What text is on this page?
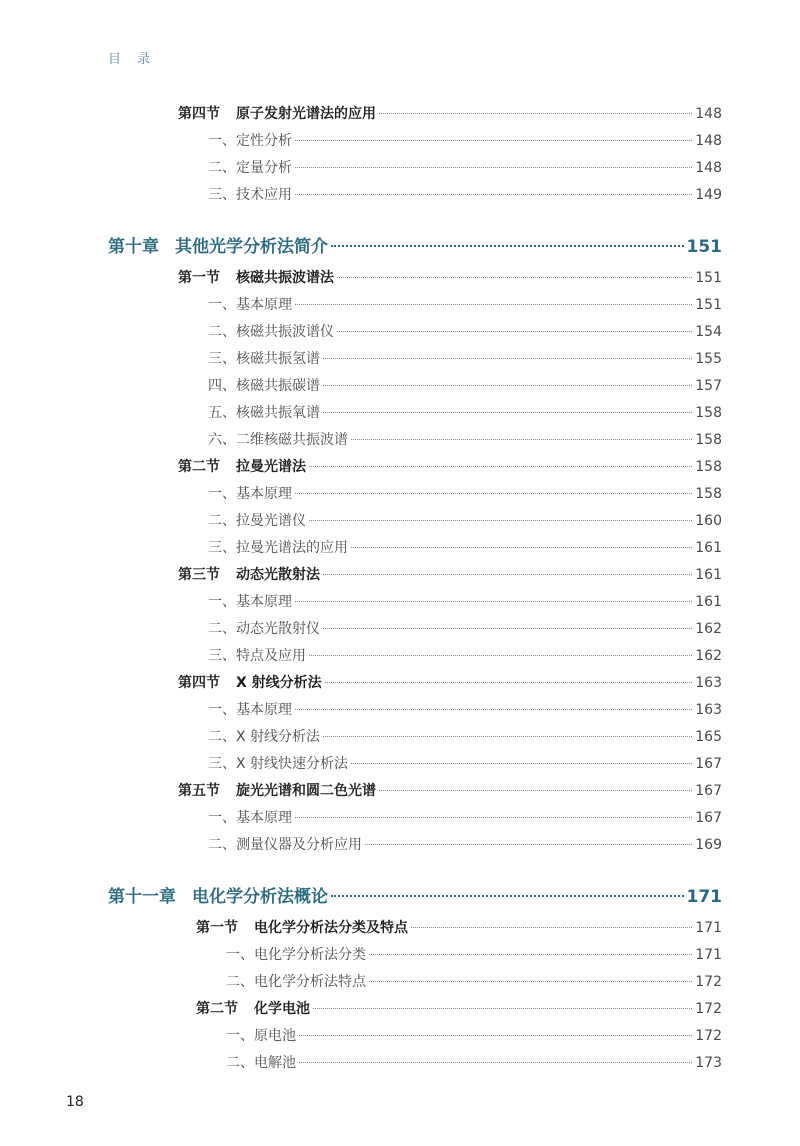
目 录
第四节 原子发射光谱法的应用	148
一、定性分析	148
二、定量分析	148
三、技术应用	149
第十章 其他光学分析法简介	151
第一节 核磁共振波谱法	151
一、基本原理	151
二、核磁共振波谱仪	154
三、核磁共振氢谱	155
四、核磁共振碳谱	157
五、核磁共振氧谱	158
六、二维核磁共振波谱	158
第二节 拉曼光谱法	158
一、基本原理	158
二、拉曼光谱仪	160
三、拉曼光谱法的应用	161
第三节 动态光散射法	161
一、基本原理	161
二、动态光散射仪	162
三、特点及应用	162
第四节 X 射线分析法	163
一、基本原理	163
二、X 射线分析法	165
三、X 射线快速分析法	167
第五节 旋光光谱和圆二色光谱	167
一、基本原理	167
二、测量仪器及分析应用	169
第十一章 电化学分析法概论	171
第一节 电化学分析法分类及特点	171
一、电化学分析法分类	171
二、电化学分析法特点	172
第二节 化学电池	172
一、原电池	172
二、电解池	173
18
